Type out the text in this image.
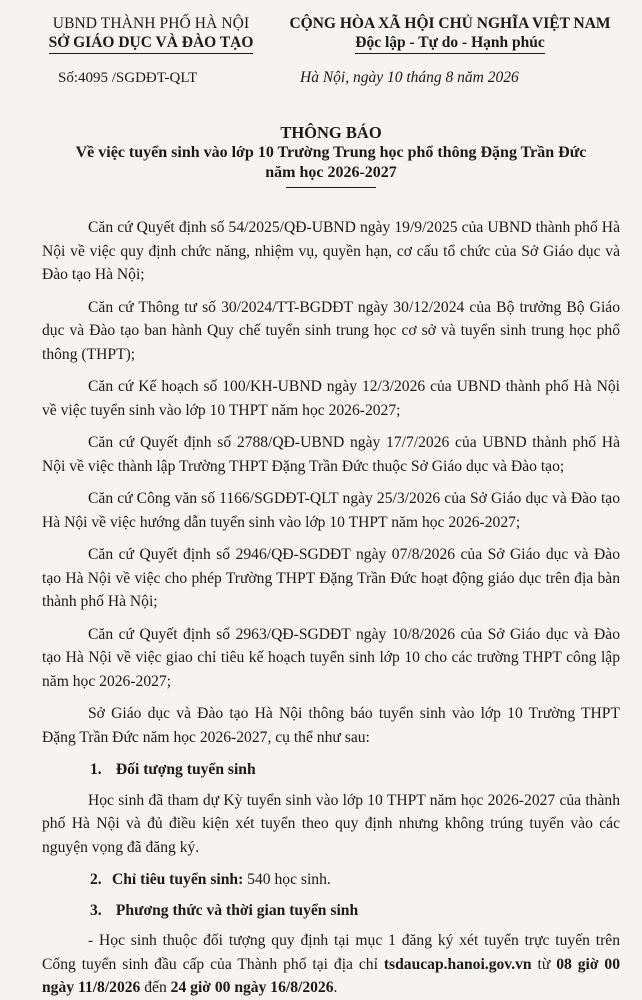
UBND THÀNH PHỐ HÀ NỘI
SỞ GIÁO DỤC VÀ ĐÀO TẠO
Số:4095 /SGDĐT-QLT
CỘNG HÒA XÃ HỘI CHỦ NGHĨA VIỆT NAM
Độc lập - Tự do - Hạnh phúc
Hà Nội, ngày 10 tháng 8 năm 2026
THÔNG BÁO
Về việc tuyển sinh vào lớp 10 Trường Trung học phổ thông Đặng Trần Đức
năm học 2026-2027

Căn cứ Quyết định số 54/2025/QĐ-UBND ngày 19/9/2025 của UBND thành phố Hà Nội về việc quy định chức năng, nhiệm vụ, quyền hạn, cơ cấu tổ chức của Sở Giáo dục và Đào tạo Hà Nội;

Căn cứ Thông tư số 30/2024/TT-BGDĐT ngày 30/12/2024 của Bộ trưởng Bộ Giáo dục và Đào tạo ban hành Quy chế tuyển sinh trung học cơ sở và tuyển sinh trung học phổ thông (THPT);

Căn cứ Kế hoạch số 100/KH-UBND ngày 12/3/2026 của UBND thành phố Hà Nội về việc tuyển sinh vào lớp 10 THPT năm học 2026-2027;

Căn cứ Quyết định số 2788/QĐ-UBND ngày 17/7/2026 của UBND thành phố Hà Nội về việc thành lập Trường THPT Đặng Trần Đức thuộc Sở Giáo dục và Đào tạo;

Căn cứ Công văn số 1166/SGDĐT-QLT ngày 25/3/2026 của Sở Giáo dục và Đào tạo Hà Nội về việc hướng dẫn tuyển sinh vào lớp 10 THPT năm học 2026-2027;

Căn cứ Quyết định số 2946/QĐ-SGDĐT ngày 07/8/2026 của Sở Giáo dục và Đào tạo Hà Nội về việc cho phép Trường THPT Đặng Trần Đức hoạt động giáo dục trên địa bàn thành phố Hà Nội;

Căn cứ Quyết định số 2963/QĐ-SGDĐT ngày 10/8/2026 của Sở Giáo dục và Đào tạo Hà Nội về việc giao chỉ tiêu kế hoạch tuyển sinh lớp 10 cho các trường THPT công lập năm học 2026-2027;

Sở Giáo dục và Đào tạo Hà Nội thông báo tuyển sinh vào lớp 10 Trường THPT Đặng Trần Đức năm học 2026-2027, cụ thể như sau:

1. Đối tượng tuyển sinh

Học sinh đã tham dự Kỳ tuyển sinh vào lớp 10 THPT năm học 2026-2027 của thành phố Hà Nội và đủ điều kiện xét tuyển theo quy định nhưng không trúng tuyển vào các nguyện vọng đã đăng ký.

2. Chỉ tiêu tuyển sinh: 540 học sinh.
3. Phương thức và thời gian tuyển sinh

- Học sinh thuộc đối tượng quy định tại mục 1 đăng ký xét tuyển trực tuyến trên Cổng tuyển sinh đầu cấp của Thành phố tại địa chỉ tsdaucap.hanoi.gov.vn từ 08 giờ 00 ngày 11/8/2026 đến 24 giờ 00 ngày 16/8/2026.
